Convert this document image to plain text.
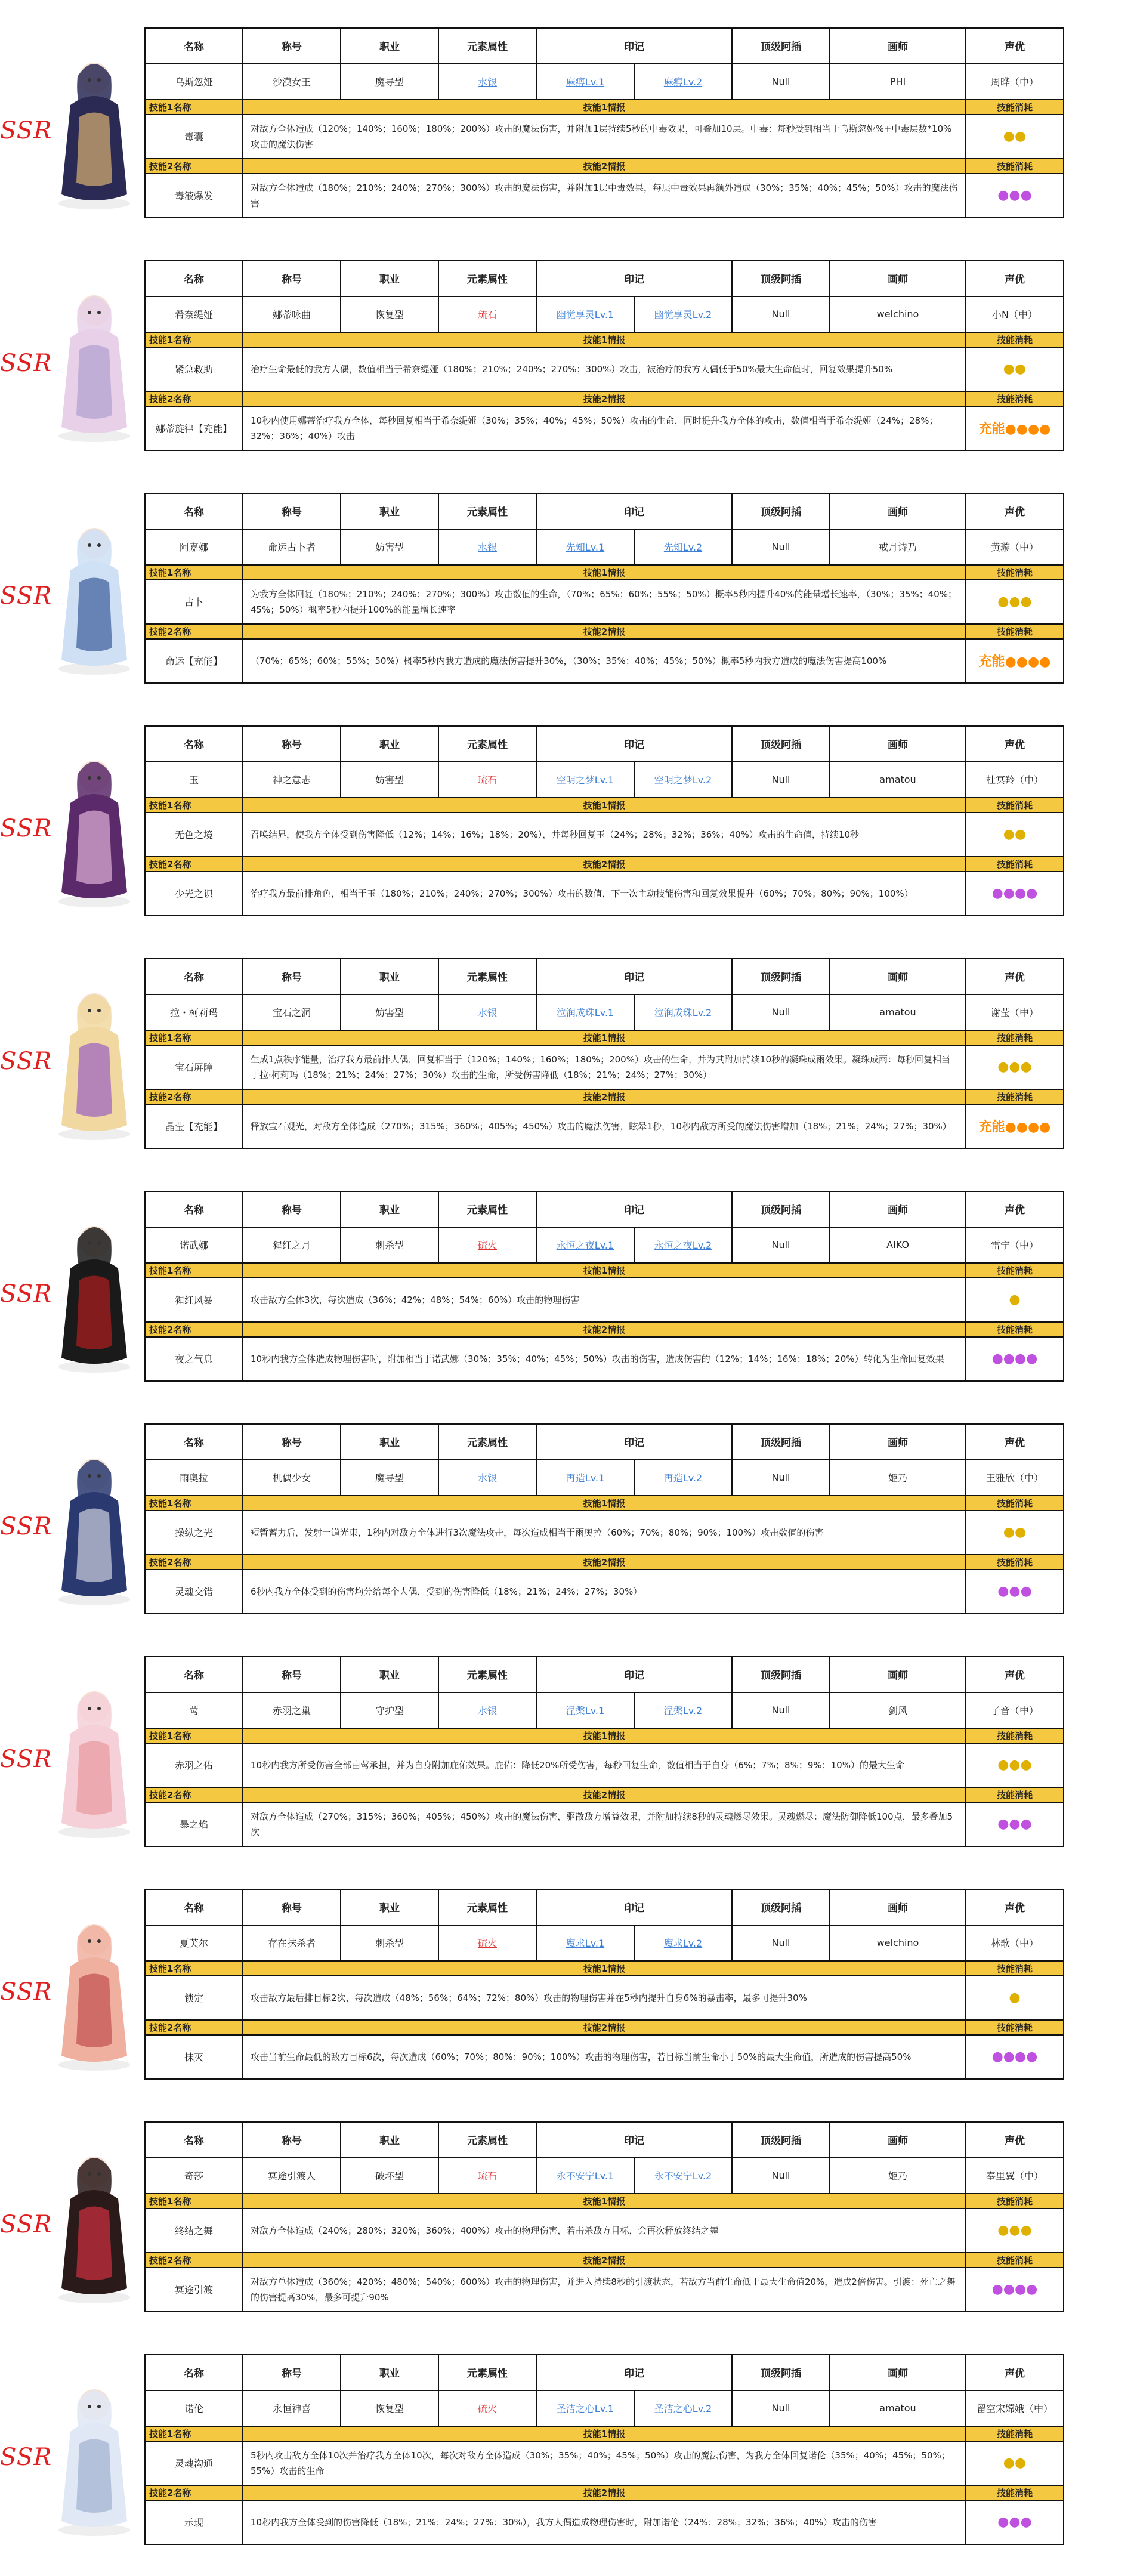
SSR
名称	称号	职业	元素属性	印记		顶级阿插	画师	声优
乌斯忽娅	沙漠女王	魔导型	水银	麻痹Lv.1	麻痹Lv.2	Null	PHI	周晔（中）
技能1名称	技能1情报							技能消耗
毒囊	对敌方全体造成（120%；140%；160%；180%；200%）攻击的魔法伤害，并附加1层持续5秒的中毒效果，可叠加10层。中毒：每秒受到相当于乌斯忽娅%+中毒层数*10%攻击的魔法伤害							●●
技能2名称	技能2情报							技能消耗
毒液爆发	对敌方全体造成（180%；210%；240%；270%；300%）攻击的魔法伤害，并附加1层中毒效果，每层中毒效果再额外造成（30%；35%；40%；45%；50%）攻击的魔法伤害							●●●
SSR
名称	称号	职业	元素属性	印记		顶级阿插	画师	声优
希奈缇娅	娜蒂咏曲	恢复型	琉石	幽觉享灵Lv.1	幽觉享灵Lv.2	Null	welchino	小N（中）
技能1名称	技能1情报							技能消耗
紧急救助	治疗生命最低的我方人偶，数值相当于希奈缇娅（180%；210%；240%；270%；300%）攻击，被治疗的我方人偶低于50%最大生命值时，回复效果提升50%							●●
技能2名称	技能2情报							技能消耗
娜蒂旋律【充能】	10秒内使用娜蒂治疗我方全体，每秒回复相当于希奈缇娅（30%；35%；40%；45%；50%）攻击的生命，同时提升我方全体的攻击，数值相当于希奈缇娅（24%；28%；32%；36%；40%）攻击							充能●●●●
SSR
名称	称号	职业	元素属性	印记		顶级阿插	画师	声优
阿嘉娜	命运占卜者	妨害型	水银	先知Lv.1	先知Lv.2	Null	戒月诗乃	黄璇（中）
技能1名称	技能1情报							技能消耗
占卜	为我方全体回复（180%；210%；240%；270%；300%）攻击数值的生命，（70%；65%；60%；55%；50%）概率5秒内提升40%的能量增长速率，（30%；35%；40%；45%；50%）概率5秒内提升100%的能量增长速率							●●●
技能2名称	技能2情报							技能消耗
命运【充能】	（70%；65%；60%；55%；50%）概率5秒内我方造成的魔法伤害提升30%，（30%；35%；40%；45%；50%）概率5秒内我方造成的魔法伤害提高100%							充能●●●●
SSR
名称	称号	职业	元素属性	印记		顶级阿插	画师	声优
玉	神之意志	妨害型	琉石	空明之梦Lv.1	空明之梦Lv.2	Null	amatou	杜冥羚（中）
技能1名称	技能1情报							技能消耗
无色之境	召唤结界，使我方全体受到伤害降低（12%；14%；16%；18%；20%），并每秒回复玉（24%；28%；32%；36%；40%）攻击的生命值，持续10秒							●●
技能2名称	技能2情报							技能消耗
少光之识	治疗我方最前排角色，相当于玉（180%；210%；240%；270%；300%）攻击的数值，下一次主动技能伤害和回复效果提升（60%；70%；80%；90%；100%）							●●●●
SSR
名称	称号	职业	元素属性	印记		顶级阿插	画师	声优
拉・柯莉玛	宝石之洞	妨害型	水银	泣润成珠Lv.1	泣润成珠Lv.2	Null	amatou	谢莹（中）
技能1名称	技能1情报							技能消耗
宝石屏障	生成1点秩序能量，治疗我方最前排人偶，回复相当于（120%；140%；160%；180%；200%）攻击的生命，并为其附加持续10秒的凝珠成雨效果。凝珠成雨：每秒回复相当于拉·柯莉玛（18%；21%；24%；27%；30%）攻击的生命，所受伤害降低（18%；21%；24%；27%；30%）							●●●
技能2名称	技能2情报							技能消耗
晶莹【充能】	释放宝石观光，对敌方全体造成（270%；315%；360%；405%；450%）攻击的魔法伤害，眩晕1秒，10秒内敌方所受的魔法伤害增加（18%；21%；24%；27%；30%）							充能●●●●
SSR
名称	称号	职业	元素属性	印记		顶级阿插	画师	声优
诺武娜	猩红之月	刺杀型	硫火	永恒之夜Lv.1	永恒之夜Lv.2	Null	AIKO	雷宁（中）
技能1名称	技能1情报							技能消耗
猩红风暴	攻击敌方全体3次，每次造成（36%；42%；48%；54%；60%）攻击的物理伤害							●
技能2名称	技能2情报							技能消耗
夜之气息	10秒内我方全体造成物理伤害时，附加相当于诺武娜（30%；35%；40%；45%；50%）攻击的伤害，造成伤害的（12%；14%；16%；18%；20%）转化为生命回复效果							●●●●
SSR
名称	称号	职业	元素属性	印记		顶级阿插	画师	声优
雨奥拉	机偶少女	魔导型	水银	再造Lv.1	再造Lv.2	Null	姬乃	王雅欣（中）
技能1名称	技能1情报							技能消耗
操纵之光	短暂蓄力后，发射一道光束，1秒内对敌方全体进行3次魔法攻击，每次造成相当于雨奥拉（60%；70%；80%；90%；100%）攻击数值的伤害							●●
技能2名称	技能2情报							技能消耗
灵魂交错	6秒内我方全体受到的伤害均分给每个人偶，受到的伤害降低（18%；21%；24%；27%；30%）							●●●
SSR
名称	称号	职业	元素属性	印记		顶级阿插	画师	声优
莺	赤羽之巢	守护型	水银	涅槃Lv.1	涅槃Lv.2	Null	剑风	子音（中）
技能1名称	技能1情报							技能消耗
赤羽之佑	10秒内我方所受伤害全部由莺承担，并为自身附加庇佑效果。庇佑：降低20%所受伤害，每秒回复生命，数值相当于自身（6%；7%；8%；9%；10%）的最大生命							●●●
技能2名称	技能2情报							技能消耗
暴之焰	对敌方全体造成（270%；315%；360%；405%；450%）攻击的魔法伤害，驱散敌方增益效果，并附加持续8秒的灵魂燃尽效果。灵魂燃尽：魔法防御降低100点，最多叠加5次							●●●
SSR
名称	称号	职业	元素属性	印记		顶级阿插	画师	声优
夏芙尔	存在抹杀者	刺杀型	硫火	魔求Lv.1	魔求Lv.2	Null	welchino	林歌（中）
技能1名称	技能1情报							技能消耗
锁定	攻击敌方最后排目标2次，每次造成（48%；56%；64%；72%；80%）攻击的物理伤害并在5秒内提升自身6%的暴击率，最多可提升30%							●
技能2名称	技能2情报							技能消耗
抹灭	攻击当前生命最低的敌方目标6次，每次造成（60%；70%；80%；90%；100%）攻击的物理伤害，若目标当前生命小于50%的最大生命值，所造成的伤害提高50%							●●●●
SSR
名称	称号	职业	元素属性	印记		顶级阿插	画师	声优
奇莎	冥途引渡人	破坏型	琉石	永不安宁Lv.1	永不安宁Lv.2	Null	姬乃	奉里翼（中）
技能1名称	技能1情报							技能消耗
终结之舞	对敌方全体造成（240%；280%；320%；360%；400%）攻击的物理伤害，若击杀敌方目标，会再次释放终结之舞							●●●
技能2名称	技能2情报							技能消耗
冥途引渡	对敌方单体造成（360%；420%；480%；540%；600%）攻击的物理伤害，并进入持续8秒的引渡状态，若敌方当前生命低于最大生命值20%，造成2倍伤害。引渡：死亡之舞的伤害提高30%，最多可提升90%							●●●●
SSR
名称	称号	职业	元素属性	印记		顶级阿插	画师	声优
诺伦	永恒神喜	恢复型	硫火	圣洁之心Lv.1	圣洁之心Lv.2	Null	amatou	留空宋嫦娥（中）
技能1名称	技能1情报							技能消耗
灵魂沟通	5秒内攻击敌方全体10次并治疗我方全体10次，每次对敌方全体造成（30%；35%；40%；45%；50%）攻击的魔法伤害，为我方全体回复诺伦（35%；40%；45%；50%；55%）攻击的生命							●●
技能2名称	技能2情报							技能消耗
示现	10秒内我方全体受到的伤害降低（18%；21%；24%；27%；30%），我方人偶造成物理伤害时，附加诺伦（24%；28%；32%；36%；40%）攻击的伤害							●●●
